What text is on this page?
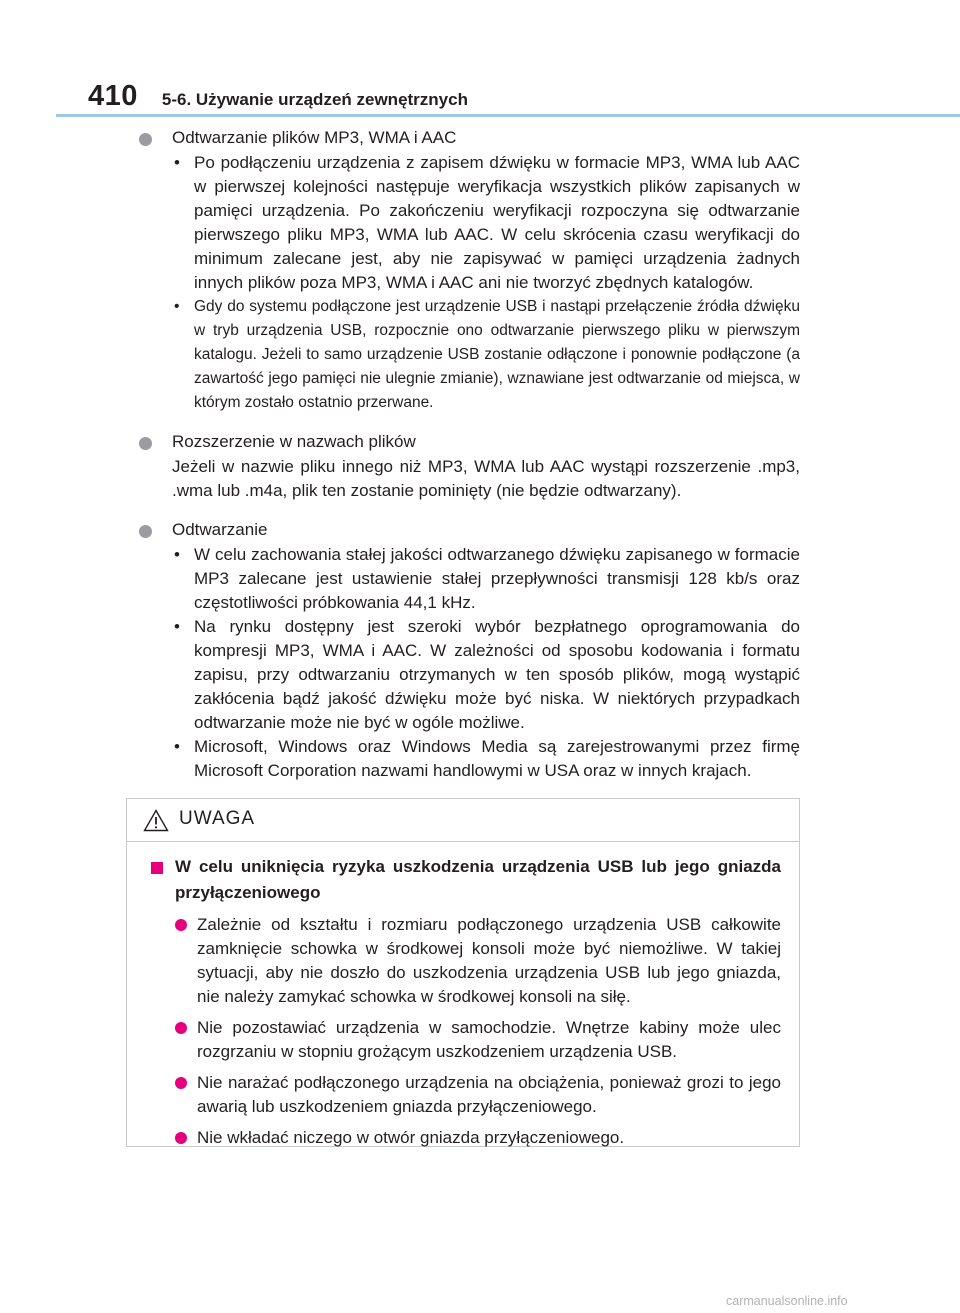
410 5-6. Używanie urządzeń zewnętrznych
Odtwarzanie plików MP3, WMA i AAC
• Po podłączeniu urządzenia z zapisem dźwięku w formacie MP3, WMA lub AAC w pierwszej kolejności następuje weryfikacja wszystkich plików zapisanych w pamięci urządzenia. Po zakończeniu weryfikacji rozpoczyna się odtwarzanie pierwszego pliku MP3, WMA lub AAC. W celu skrócenia czasu weryfikacji do minimum zalecane jest, aby nie zapisywać w pamięci urządzenia żadnych innych plików poza MP3, WMA i AAC ani nie tworzyć zbędnych katalogów.
• Gdy do systemu podłączone jest urządzenie USB i nastąpi przełączenie źródła dźwięku w tryb urządzenia USB, rozpocznie ono odtwarzanie pierwszego pliku w pierwszym katalogu. Jeżeli to samo urządzenie USB zostanie odłączone i ponownie podłączone (a zawartość jego pamięci nie ulegnie zmianie), wznawiane jest odtwarzanie od miejsca, w którym zostało ostatnio przerwane.
Rozszerzenie w nazwach plików
Jeżeli w nazwie pliku innego niż MP3, WMA lub AAC wystąpi rozszerzenie .mp3, .wma lub .m4a, plik ten zostanie pominięty (nie będzie odtwarzany).
Odtwarzanie
• W celu zachowania stałej jakości odtwarzanego dźwięku zapisanego w formacie MP3 zalecane jest ustawienie stałej przepływności transmisji 128 kb/s oraz częstotliwości próbkowania 44,1 kHz.
• Na rynku dostępny jest szeroki wybór bezpłatnego oprogramowania do kompresji MP3, WMA i AAC. W zależności od sposobu kodowania i formatu zapisu, przy odtwarzaniu otrzymanych w ten sposób plików, mogą wystąpić zakłócenia bądź jakość dźwięku może być niska. W niektórych przypadkach odtwarzanie może nie być w ogóle możliwe.
• Microsoft, Windows oraz Windows Media są zarejestrowanymi przez firmę Microsoft Corporation nazwami handlowymi w USA oraz w innych krajach.
UWAGA
W celu uniknięcia ryzyka uszkodzenia urządzenia USB lub jego gniazda przyłączeniowego
Zależnie od kształtu i rozmiaru podłączonego urządzenia USB całkowite zamknięcie schowka w środkowej konsoli może być niemożliwe. W takiej sytuacji, aby nie doszło do uszkodzenia urządzenia USB lub jego gniazda, nie należy zamykać schowka w środkowej konsoli na siłę.
Nie pozostawiać urządzenia w samochodzie. Wnętrze kabiny może ulec rozgrzaniu w stopniu grożącym uszkodzeniem urządzenia USB.
Nie narażać podłączonego urządzenia na obciążenia, ponieważ grozi to jego awarią lub uszkodzeniem gniazda przyłączeniowego.
Nie wkładać niczego w otwór gniazda przyłączeniowego.
carmanualsonline.info
